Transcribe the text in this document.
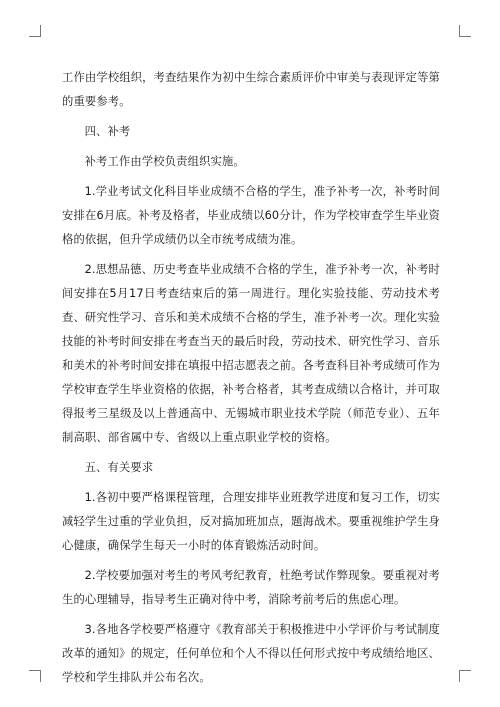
工作由学校组织，考查结果作为初中生综合素质评价中审美与表现评定等第的重要参考。

四、补考

补考工作由学校负责组织实施。

1.学业考试文化科目毕业成绩不合格的学生，准予补考一次，补考时间安排在6月底。补考及格者，毕业成绩以60分计，作为学校审查学生毕业资格的依据，但升学成绩仍以全市统考成绩为准。

2.思想品德、历史考查毕业成绩不合格的学生，准予补考一次，补考时间安排在5月17日考查结束后的第一周进行。理化实验技能、劳动技术考查、研究性学习、音乐和美术成绩不合格的学生，准予补考一次。理化实验技能的补考时间安排在考查当天的最后时段，劳动技术、研究性学习、音乐和美术的补考时间安排在填报中招志愿表之前。各考查科目补考成绩可作为学校审查学生毕业资格的依据，补考合格者，其考查成绩以合格计，并可取得报考三星级及以上普通高中、无锡城市职业技术学院（师范专业）、五年制高职、部省属中专、省级以上重点职业学校的资格。

五、有关要求

1.各初中要严格课程管理，合理安排毕业班教学进度和复习工作，切实减轻学生过重的学业负担，反对搞加班加点，题海战术。要重视维护学生身心健康，确保学生每天一小时的体育锻炼活动时间。

2.学校要加强对考生的考风考纪教育，杜绝考试作弊现象。要重视对考生的心理辅导，指导考生正确对待中考，消除考前考后的焦虑心理。

3.各地各学校要严格遵守《教育部关于积极推进中小学评价与考试制度改革的通知》的规定，任何单位和个人不得以任何形式按中考成绩给地区、学校和学生排队并公布名次。
